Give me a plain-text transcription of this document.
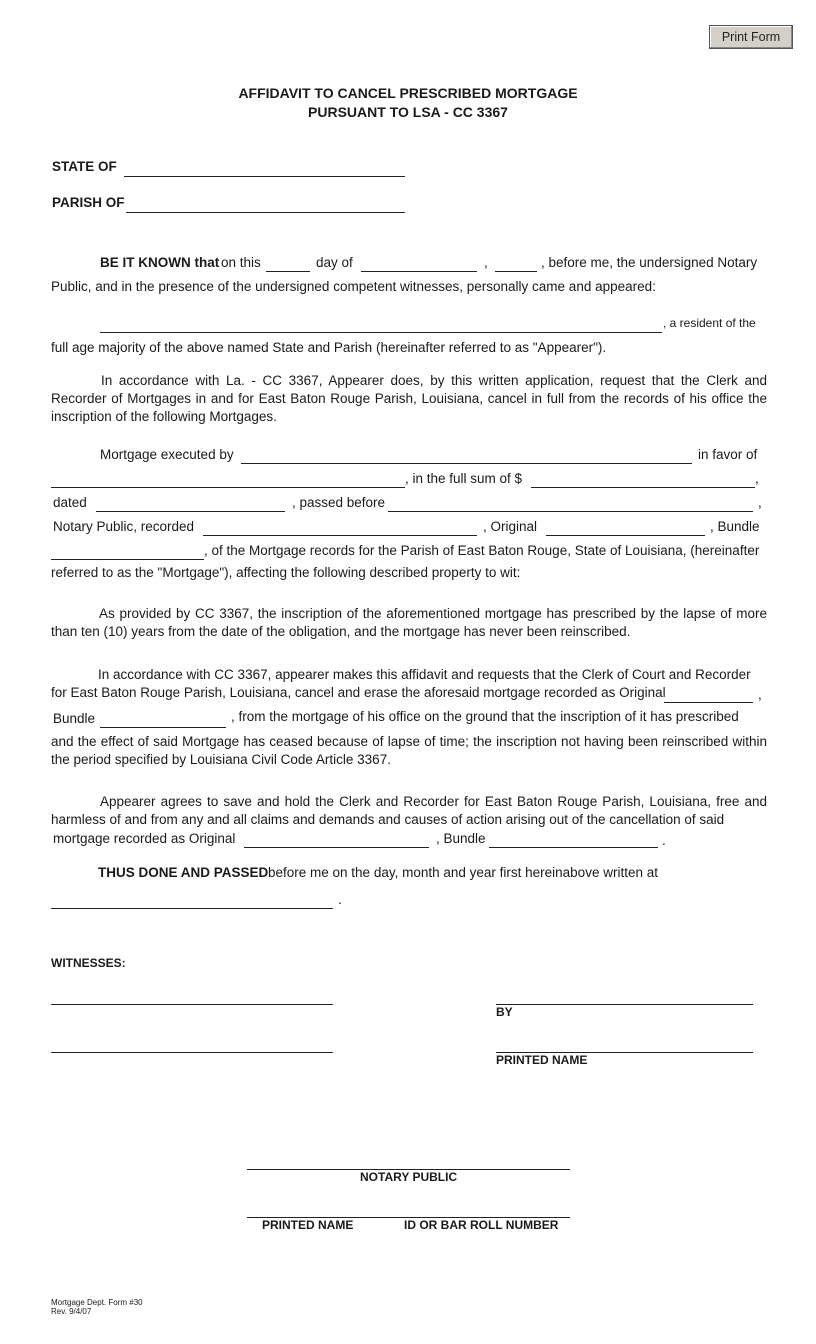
Print Form
AFFIDAVIT TO CANCEL PRESCRIBED MORTGAGE
PURSUANT TO LSA - CC 3367
STATE OF
PARISH OF
BE IT KNOWN that on this	day of	,	, before me, the undersigned Notary
Public, and in the presence of the undersigned competent witnesses, personally came and appeared:
, a resident of the
full age majority of the above named State and Parish (hereinafter referred to as "Appearer").
In accordance with La. - CC 3367, Appearer does, by this written application, request that the Clerk and Recorder of Mortgages in and for East Baton Rouge Parish, Louisiana, cancel in full from the records of his office the inscription of the following Mortgages.
Mortgage executed by	in favor of
, in the full sum of $	,
dated	, passed before	,
Notary Public, recorded	, Original	, Bundle
, of the Mortgage records for the Parish of East Baton Rouge, State of Louisiana, (hereinafter
referred to as the "Mortgage"), affecting the following described property to wit:
As provided by CC 3367, the inscription of the aforementioned mortgage has prescribed by the lapse of more than ten (10) years from the date of the obligation, and the mortgage has never been reinscribed.
In accordance with CC 3367, appearer makes this affidavit and requests that the Clerk of Court and Recorder
for East Baton Rouge Parish, Louisiana, cancel and erase the aforesaid mortgage recorded as Original	,
Bundle	, from the mortgage of his office on the ground that the inscription of it has prescribed
and the effect of said Mortgage has ceased because of lapse of time; the inscription not having been reinscribed within the period specified by Louisiana Civil Code Article 3367.
Appearer agrees to save and hold the Clerk and Recorder for East Baton Rouge Parish, Louisiana, free and harmless of and from any and all claims and demands and causes of action arising out of the cancellation of said
mortgage recorded as Original	, Bundle	.
THUS DONE AND PASSED before me on the day, month and year first hereinabove written at
.
WITNESSES:
BY
PRINTED NAME
NOTARY PUBLIC
PRINTED NAME	ID OR BAR ROLL NUMBER
Mortgage Dept. Form #30
Rev. 9/4/07
